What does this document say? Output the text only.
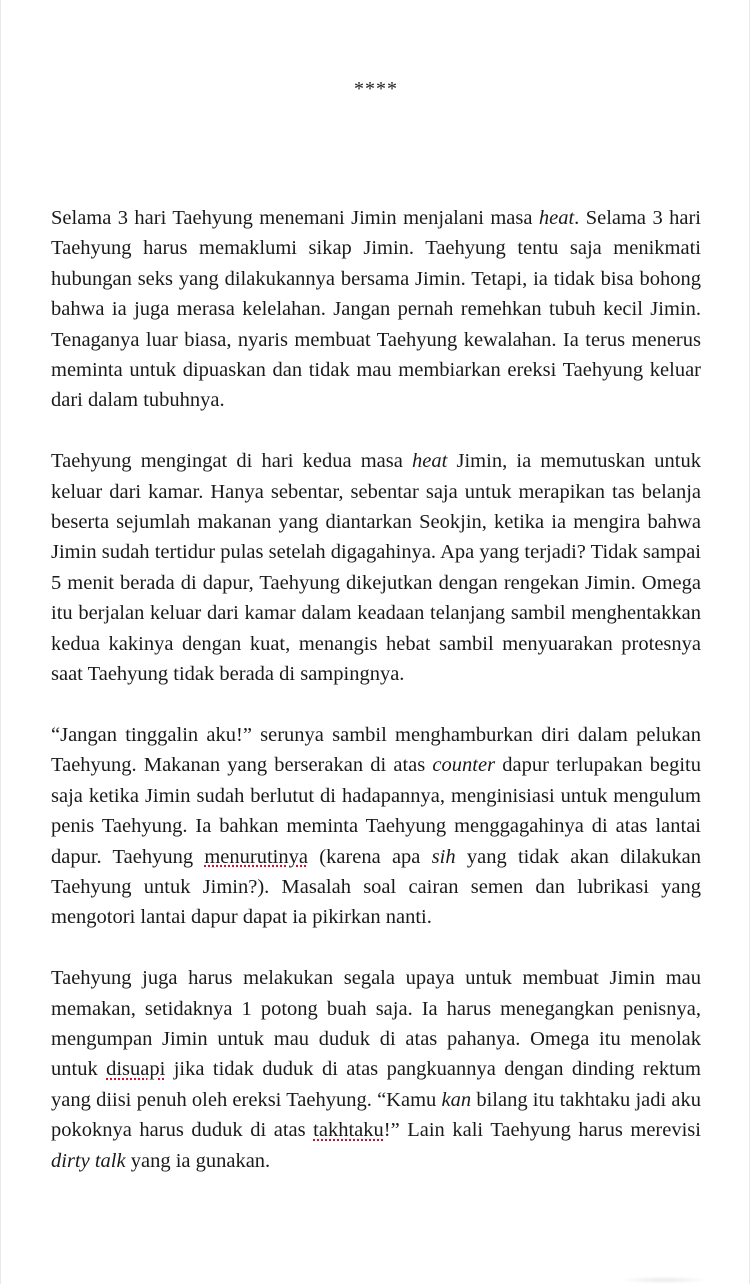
****

Selama 3 hari Taehyung menemani Jimin menjalani masa heat. Selama 3 hari Taehyung harus memaklumi sikap Jimin. Taehyung tentu saja menikmati hubungan seks yang dilakukannya bersama Jimin. Tetapi, ia tidak bisa bohong bahwa ia juga merasa kelelahan. Jangan pernah remehkan tubuh kecil Jimin. Tenaganya luar biasa, nyaris membuat Taehyung kewalahan. Ia terus menerus meminta untuk dipuaskan dan tidak mau membiarkan ereksi Taehyung keluar dari dalam tubuhnya.

Taehyung mengingat di hari kedua masa heat Jimin, ia memutuskan untuk keluar dari kamar. Hanya sebentar, sebentar saja untuk merapikan tas belanja beserta sejumlah makanan yang diantarkan Seokjin, ketika ia mengira bahwa Jimin sudah tertidur pulas setelah digagahinya. Apa yang terjadi? Tidak sampai 5 menit berada di dapur, Taehyung dikejutkan dengan rengekan Jimin. Omega itu berjalan keluar dari kamar dalam keadaan telanjang sambil menghentakkan kedua kakinya dengan kuat, menangis hebat sambil menyuarakan protesnya saat Taehyung tidak berada di sampingnya.

“Jangan tinggalin aku!” serunya sambil menghamburkan diri dalam pelukan Taehyung. Makanan yang berserakan di atas counter dapur terlupakan begitu saja ketika Jimin sudah berlutut di hadapannya, menginisiasi untuk mengulum penis Taehyung. Ia bahkan meminta Taehyung menggagahinya di atas lantai dapur. Taehyung menurutinya (karena apa sih yang tidak akan dilakukan Taehyung untuk Jimin?). Masalah soal cairan semen dan lubrikasi yang mengotori lantai dapur dapat ia pikirkan nanti.

Taehyung juga harus melakukan segala upaya untuk membuat Jimin mau memakan, setidaknya 1 potong buah saja. Ia harus menegangkan penisnya, mengumpan Jimin untuk mau duduk di atas pahanya. Omega itu menolak untuk disuapi jika tidak duduk di atas pangkuannya dengan dinding rektum yang diisi penuh oleh ereksi Taehyung. “Kamu kan bilang itu takhtaku jadi aku pokoknya harus duduk di atas takhtaku!” Lain kali Taehyung harus merevisi dirty talk yang ia gunakan.
